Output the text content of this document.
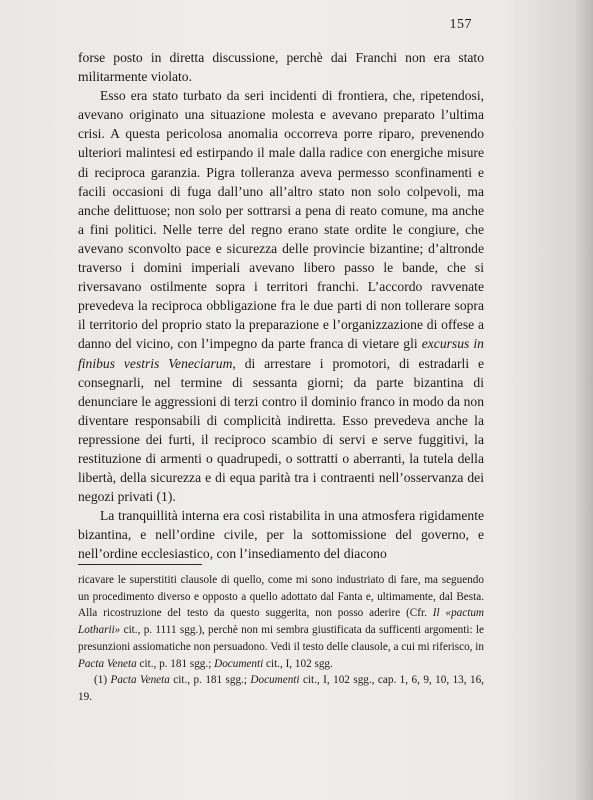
157

forse posto in diretta discussione, perchè dai Franchi non era stato militarmente violato.

Esso era stato turbato da seri incidenti di frontiera, che, ripetendosi, avevano originato una situazione molesta e avevano preparato l’ultima crisi. A questa pericolosa anomalia occorreva porre riparo, prevenendo ulteriori malintesi ed estirpando il male dalla radice con energiche misure di reciproca garanzia. Pigra tolleranza aveva permesso sconfinamenti e facili occasioni di fuga dall’uno all’altro stato non solo colpevoli, ma anche delittuose; non solo per sottrarsi a pena di reato comune, ma anche a fini politici. Nelle terre del regno erano state ordite le congiure, che avevano sconvolto pace e sicurezza delle provincie bizantine; d’altronde traverso i domini imperiali avevano libero passo le bande, che si riversavano ostilmente sopra i territori franchi. L’accordo ravvenate prevedeva la reciproca obbligazione fra le due parti di non tollerare sopra il territorio del proprio stato la preparazione e l’organizzazione di offese a danno del vicino, con l’impegno da parte franca di vietare gli excursus in finibus vestris Veneciarum, di arrestare i promotori, di estradarli e consegnarli, nel termine di sessanta giorni; da parte bizantina di denunciare le aggressioni di terzi contro il dominio franco in modo da non diventare responsabili di complicità indiretta. Esso prevedeva anche la repressione dei furti, il reciproco scambio di servi e serve fuggitivi, la restituzione di armenti o quadrupedi, o sottratti o aberranti, la tutela della libertà, della sicurezza e di equa parità tra i contraenti nell’osservanza dei negozi privati (1).

La tranquillità interna era così ristabilita in una atmosfera rigidamente bizantina, e nell’ordine civile, per la sottomissione del governo, e nell’ordine ecclesiastico, con l’insediamento del diacono

ricavare le superstititi clausole di quello, come mi sono industriato di fare, ma seguendo un procedimento diverso e opposto a quello adottato dal Fanta e, ultimamente, dal Besta. Alla ricostruzione del testo da questo suggerita, non posso aderire (Cfr. Il «pactum Lotharii» cit., p. 1111 sgg.), perchè non mi sembra giustificata da sufficenti argomenti: le presunzioni assiomatiche non persuadono. Vedi il testo delle clausole, a cui mi riferisco, in Pacta Veneta cit., p. 181 sgg.; Documenti cit., I, 102 sgg.

(1) Pacta Veneta cit., p. 181 sgg.; Documenti cit., I, 102 sgg., cap. 1, 6, 9, 10, 13, 16, 19.
